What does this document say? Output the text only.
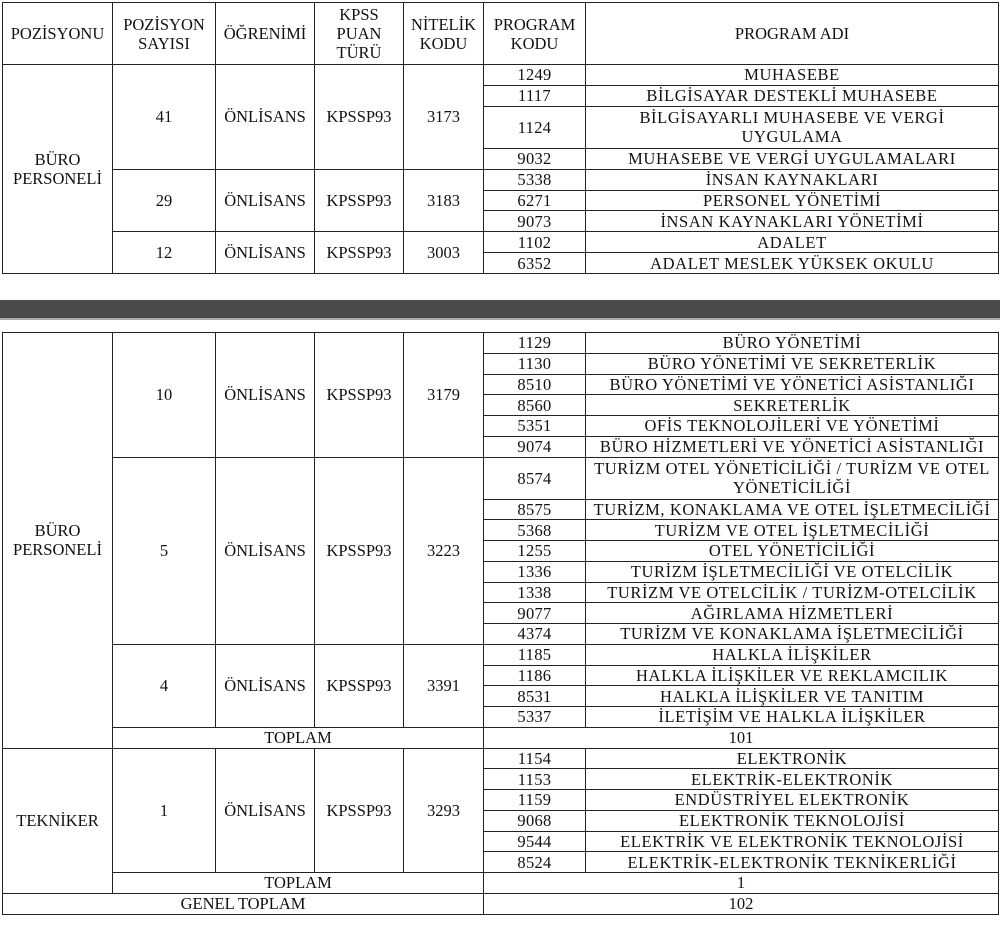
POZİSYONU	POZİSYON SAYISI	ÖĞRENİMİ	KPSS PUAN TÜRÜ	NİTELİK KODU	PROGRAM KODU	PROGRAM ADI
BÜRO PERSONELİ	41	ÖNLİSANS	KPSSP93	3173	1249	MUHASEBE
					1117	BİLGİSAYAR DESTEKLİ MUHASEBE
					1124	BİLGİSAYARLI MUHASEBE VE VERGİ UYGULAMA
					9032	MUHASEBE VE VERGİ UYGULAMALARI
	29	ÖNLİSANS	KPSSP93	3183	5338	İNSAN KAYNAKLARI
					6271	PERSONEL YÖNETİMİ
					9073	İNSAN KAYNAKLARI YÖNETİMİ
	12	ÖNLİSANS	KPSSP93	3003	1102	ADALET
					6352	ADALET MESLEK YÜKSEK OKULU
BÜRO PERSONELİ	10	ÖNLİSANS	KPSSP93	3179	1129	BÜRO YÖNETİMİ
					1130	BÜRO YÖNETİMİ VE SEKRETERLİK
					8510	BÜRO YÖNETİMİ VE YÖNETİCİ ASİSTANLIĞI
					8560	SEKRETERLİK
					5351	OFİS TEKNOLOJİLERİ VE YÖNETİMİ
					9074	BÜRO HİZMETLERİ VE YÖNETİCİ ASİSTANLIĞI
	5	ÖNLİSANS	KPSSP93	3223	8574	TURİZM OTEL YÖNETİCİLİĞİ / TURİZM VE OTEL YÖNETİCİLİĞİ
					8575	TURİZM, KONAKLAMA VE OTEL İŞLETMECİLİĞİ
					5368	TURİZM VE OTEL İŞLETMECİLİĞİ
					1255	OTEL YÖNETİCİLİĞİ
					1336	TURİZM İŞLETMECİLİĞİ VE OTELCİLİK
					1338	TURİZM VE OTELCİLİK / TURİZM-OTELCİLİK
					9077	AĞIRLAMA HİZMETLERİ
					4374	TURİZM VE KONAKLAMA İŞLETMECİLİĞİ
	4	ÖNLİSANS	KPSSP93	3391	1185	HALKLA İLİŞKİLER
					1186	HALKLA İLİŞKİLER VE REKLAMCILIK
					8531	HALKLA İLİŞKİLER VE TANITIM
					5337	İLETİŞİM VE HALKLA İLİŞKİLER
	TOPLAM				101	
TEKNİKER	1	ÖNLİSANS	KPSSP93	3293	1154	ELEKTRONİK
					1153	ELEKTRİK-ELEKTRONİK
					1159	ENDÜSTRİYEL ELEKTRONİK
					9068	ELEKTRONİK TEKNOLOJİSİ
					9544	ELEKTRİK VE ELEKTRONİK TEKNOLOJİSİ
					8524	ELEKTRİK-ELEKTRONİK TEKNİKERLİĞİ
	TOPLAM				1	
GENEL TOPLAM					102	
